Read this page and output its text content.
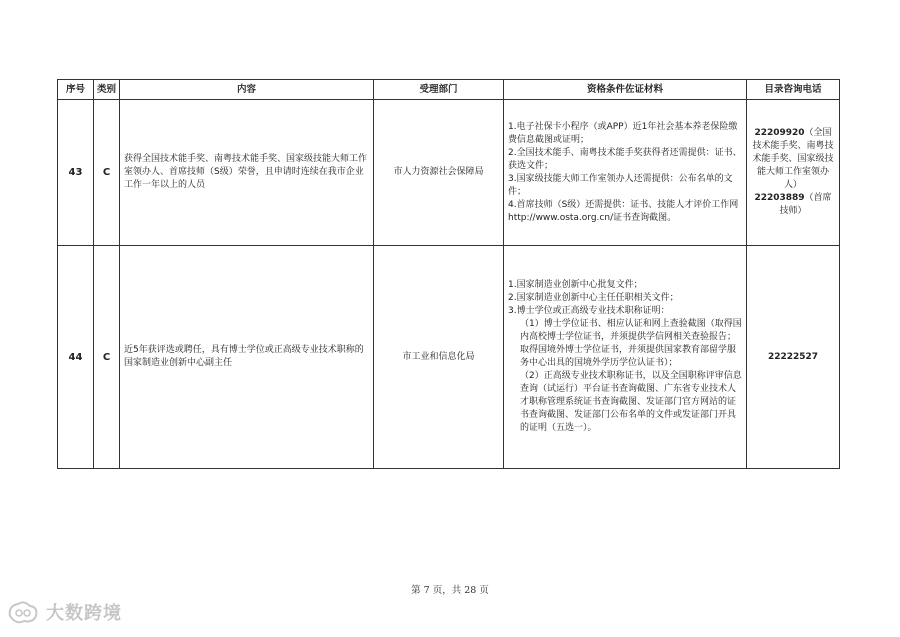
序号	类别	内容	受理部门	资格条件佐证材料	目录咨询电话
43	C	获得全国技术能手奖、南粤技术能手奖、国家级技能大师工作室领办人、首席技师（S级）荣誉，且申请时连续在我市企业工作一年以上的人员	市人力资源社会保障局	1.电子社保卡小程序（或APP）近1年社会基本养老保险缴费信息截图或证明；
2.全国技术能手、南粤技术能手奖获得者还需提供：证书、获选文件；
3.国家级技能大师工作室领办人还需提供：公布名单的文件；
4.首席技师（S级）还需提供：证书、技能人才评价工作网http://www.osta.org.cn/证书查询截图。	22209920（全国技术能手奖、南粤技术能手奖、国家级技能大师工作室领办人）
22203889（首席技师）
44	C	近5年获评选或聘任，具有博士学位或正高级专业技术职称的国家制造业创新中心副主任	市工业和信息化局	1.国家制造业创新中心批复文件；
2.国家制造业创新中心主任任职相关文件；
3.博士学位或正高级专业技术职称证明：
（1）博士学位证书、相应认证和网上查验截图（取得国内高校博士学位证书，并须提供学信网相关查验报告；取得国境外博士学位证书，并须提供国家教育部留学服务中心出具的国境外学历学位认证书）；
（2）正高级专业技术职称证书，以及全国职称评审信息查询（试运行）平台证书查询截图、广东省专业技术人才职称管理系统证书查询截图、发证部门官方网站的证书查询截图、发证部门公布名单的文件或发证部门开具的证明（五选一）。	22222527
第 7 页，共 28 页
大数跨境
